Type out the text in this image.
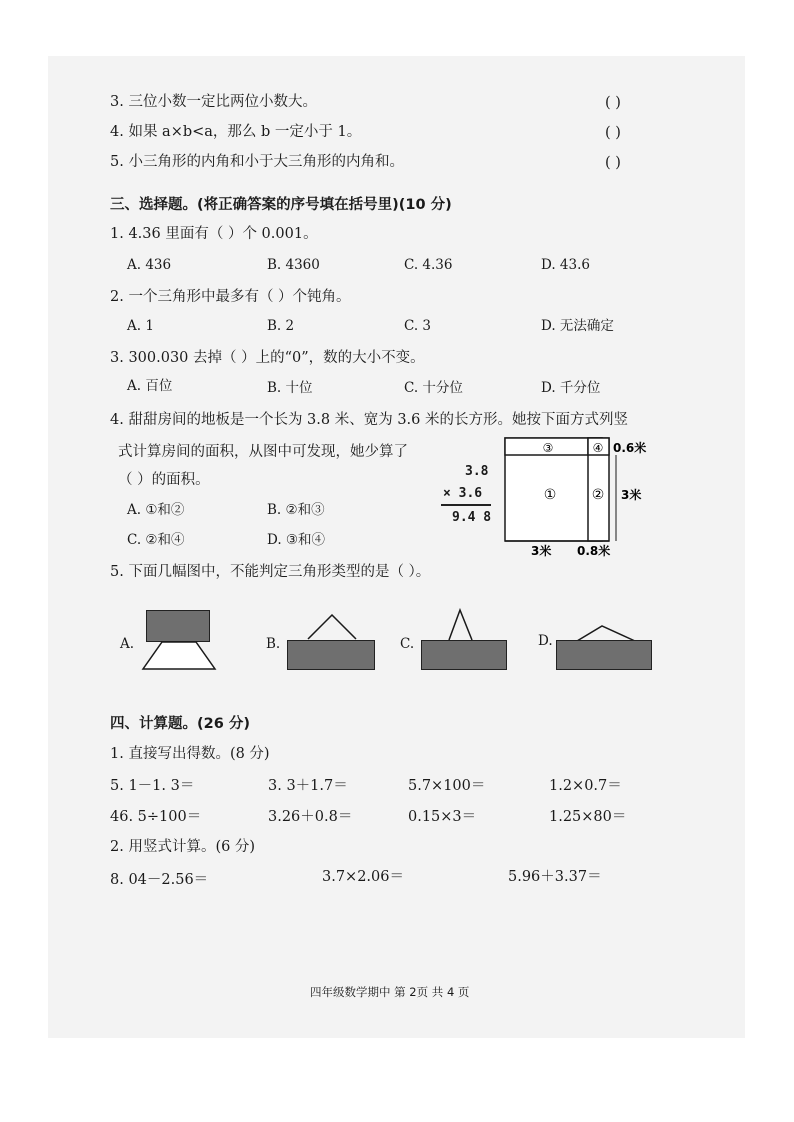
3. 三位小数一定比两位小数大。	( )
4. 如果 a×b<a，那么 b 一定小于 1。	( )
5. 小三角形的内角和小于大三角形的内角和。	( )
三、选择题。(将正确答案的序号填在括号里)(10 分)
1. 4.36 里面有（ ）个 0.001。
A. 436	B. 4360	C. 4.36	D. 43.6
2. 一个三角形中最多有（ ）个钝角。
A. 1	B. 2	C. 3	D. 无法确定
3. 300.030 去掉（ ）上的“0”，数的大小不变。
A. 百位	B. 十位	C. 十分位	D. 千分位
4. 甜甜房间的地板是一个长为 3.8 米、宽为 3.6 米的长方形。她按下面方式列竖
式计算房间的面积，从图中可发现，她少算了
（ ）的面积。
A. ①和②	B. ②和③
C. ②和④	D. ③和④
3.8
× 3.6
9.4 8
③	④
①	②
0.6米
3米
3米 0.8米
5. 下面几幅图中，不能判定三角形类型的是（ ）。
A.	B.	C.	D.
四、计算题。(26 分)
1. 直接写出得数。(8 分)
5. 1－1. 3＝	3. 3＋1.7＝	5.7×100＝	1.2×0.7＝
46. 5÷100＝	3.26＋0.8＝	0.15×3＝	1.25×80＝
2. 用竖式计算。(6 分)
8. 04－2.56＝	3.7×2.06＝	5.96＋3.37＝
四年级数学期中 第 2页 共 4 页
